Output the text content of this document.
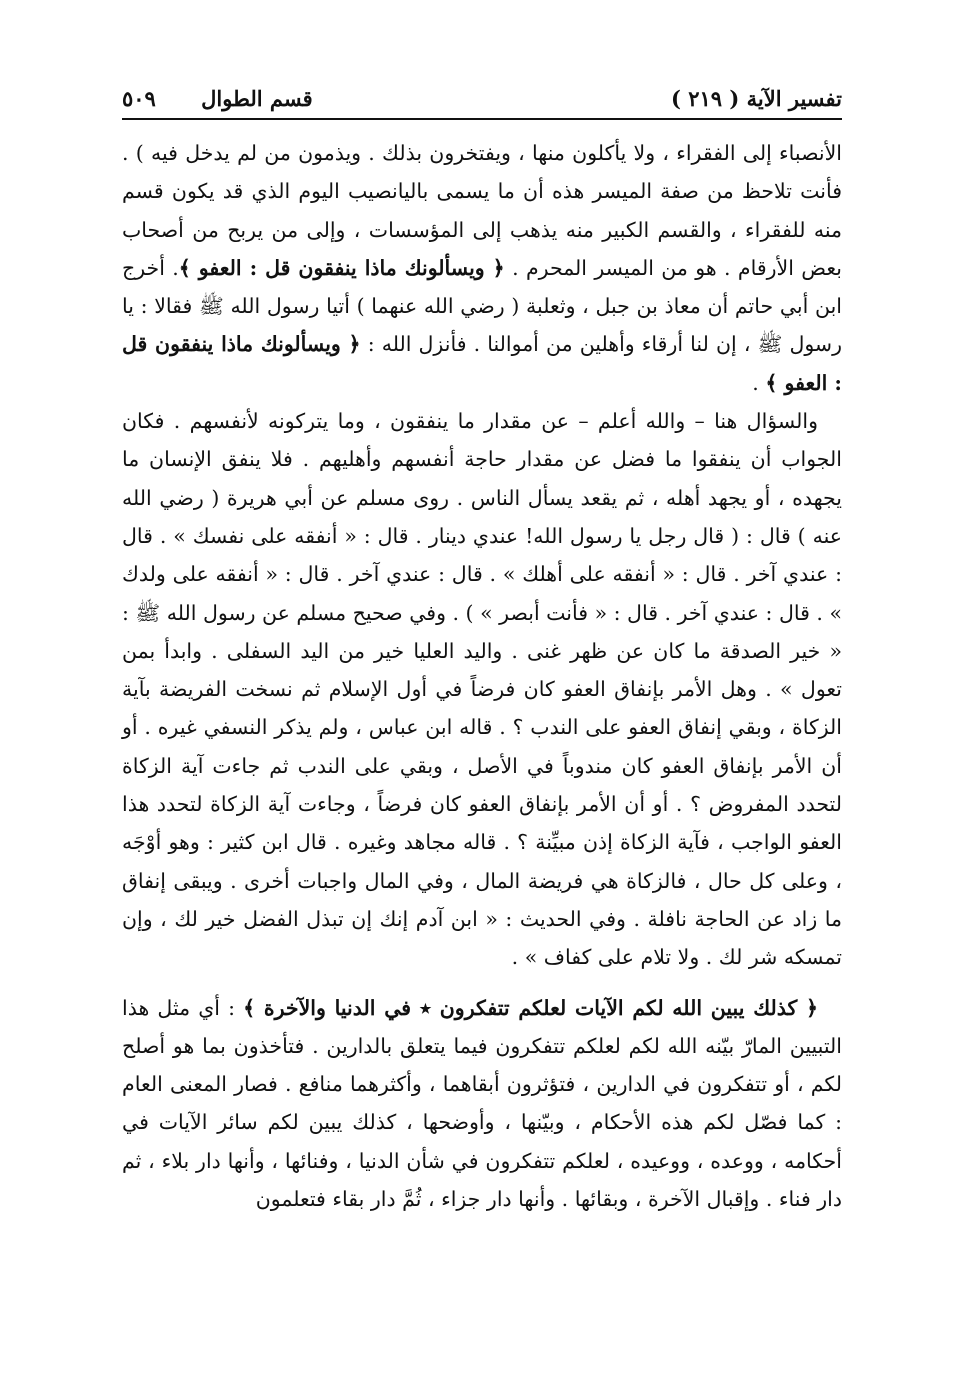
تفسير الآية ( ٢١٩ )
قسم الطوال ٥٠٩

الأنصباء إلى الفقراء ، ولا يأكلون منها ، ويفتخرون بذلك . ويذمون من لم يدخل فيه ) . فأنت تلاحظ من صفة الميسر هذه أن ما يسمى باليانصيب اليوم الذي قد يكون قسم منه للفقراء ، والقسم الكبير منه يذهب إلى المؤسسات ، وإلى من يربح من أصحاب بعض الأرقام . هو من الميسر المحرم . ﴿ ويسألونك ماذا ينفقون قل : العفو ﴾. أخرج ابن أبي حاتم أن معاذ بن جبل ، وثعلبة ( رضي الله عنهما ) أتيا رسول الله ﷺ فقالا : يا رسول ﷺ ، إن لنا أرقاء وأهلين من أموالنا . فأنزل الله : ﴿ ويسألونك ماذا ينفقون قل : العفو ﴾ .

والسؤال هنا – والله أعلم – عن مقدار ما ينفقون ، وما يتركونه لأنفسهم . فكان الجواب أن ينفقوا ما فضل عن مقدار حاجة أنفسهم وأهليهم . فلا ينفق الإنسان ما يجهده ، أو يجهد أهله ، ثم يقعد يسأل الناس . روى مسلم عن أبي هريرة ( رضي الله عنه ) قال : ( قال رجل يا رسول الله! عندي دينار . قال : « أنفقه على نفسك » . قال : عندي آخر . قال : « أنفقه على أهلك » . قال : عندي آخر . قال : « أنفقه على ولدك » . قال : عندي آخر . قال : « فأنت أبصر » ) . وفي صحيح مسلم عن رسول الله ﷺ : « خير الصدقة ما كان عن ظهر غنى . واليد العليا خير من اليد السفلى . وابدأ بمن تعول » . وهل الأمر بإنفاق العفو كان فرضاً في أول الإسلام ثم نسخت الفريضة بآية الزكاة ، وبقي إنفاق العفو على الندب ؟ . قاله ابن عباس ، ولم يذكر النسفي غيره . أو أن الأمر بإنفاق العفو كان مندوباً في الأصل ، وبقي على الندب ثم جاءت آية الزكاة لتحدد المفروض ؟ . أو أن الأمر بإنفاق العفو كان فرضاً ، وجاءت آية الزكاة لتحدد هذا العفو الواجب ، فآية الزكاة إذن مبيِّنة ؟ . قاله مجاهد وغيره . قال ابن كثير : وهو أوْجَه ، وعلى كل حال ، فالزكاة هي فريضة المال ، وفي المال واجبات أخرى . ويبقى إنفاق ما زاد عن الحاجة نافلة . وفي الحديث : « ابن آدم إنك إن تبذل الفضل خير لك ، وإن تمسكه شر لك . ولا تلام على كفاف » .

﴿ كذلك يبين الله لكم الآيات لعلكم تتفكرون ٭ في الدنيا والآخرة ﴾ : أي مثل هذا التبيين المارّ بيّنه الله لكم لعلكم تتفكرون فيما يتعلق بالدارين . فتأخذون بما هو أصلح لكم ، أو تتفكرون في الدارين ، فتؤثرون أبقاهما ، وأكثرهما منافع . فصار المعنى العام : كما فصّل لكم هذه الأحكام ، وبيّنها ، وأوضحها ، كذلك يبين لكم سائر الآيات في أحكامه ، ووعده ، ووعيده ، لعلكم تتفكرون في شأن الدنيا ، وفنائها ، وأنها دار بلاء ، ثم دار فناء . وإقبال الآخرة ، وبقائها . وأنها دار جزاء ، ثُمَّ دار بقاء فتعلمون
